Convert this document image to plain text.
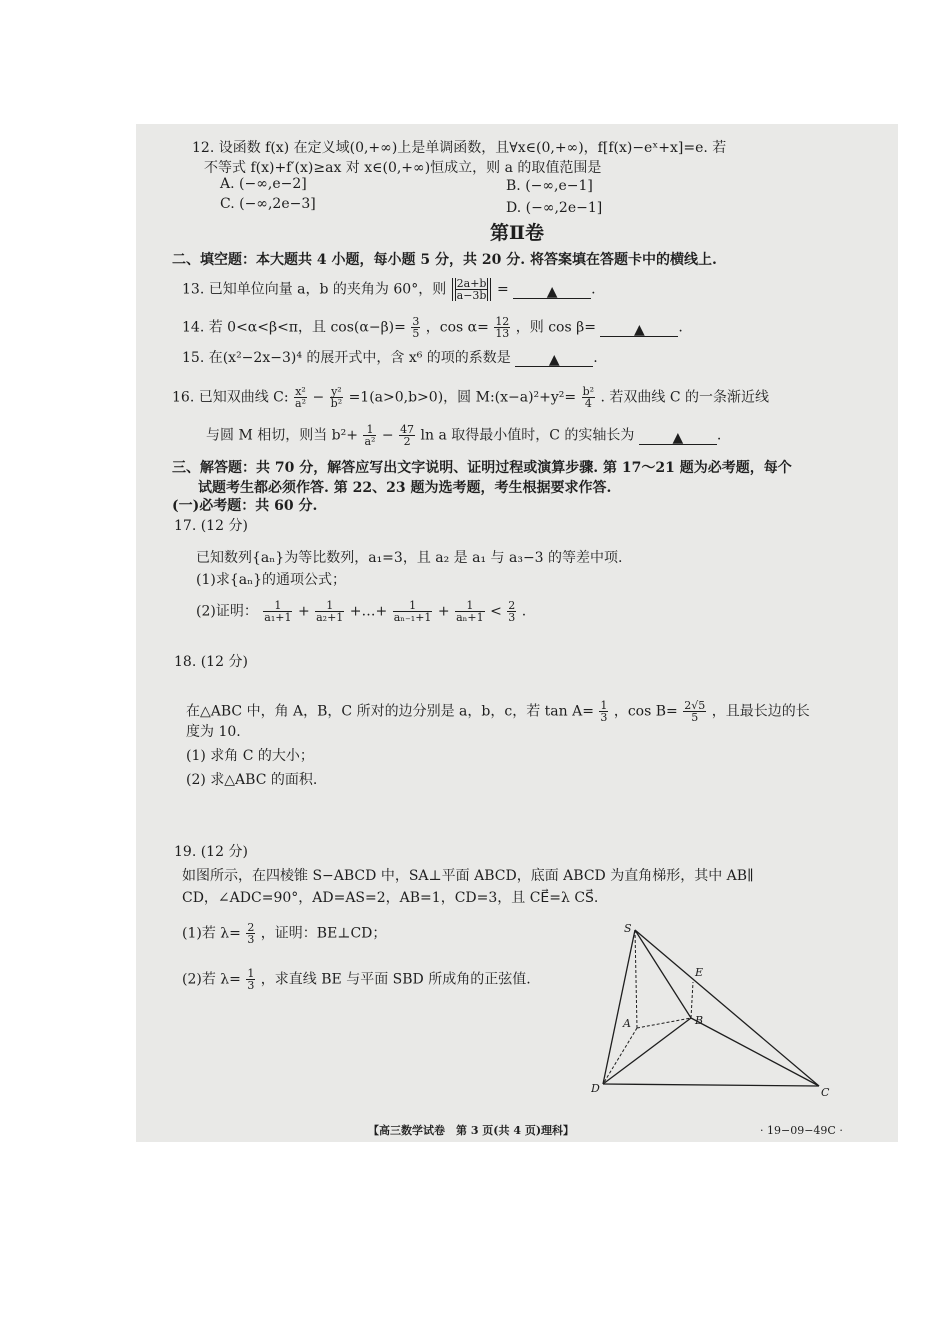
12. 设函数 f(x) 在定义域(0,+∞)上是单调函数，且∀x∈(0,+∞)，f[f(x)−eˣ+x]=e. 若
不等式 f(x)+f′(x)≥ax 对 x∈(0,+∞)恒成立，则 a 的取值范围是
A. (−∞,e−2]	B. (−∞,e−1]
C. (−∞,2e−3]	D. (−∞,2e−1]
第Ⅱ卷
二、填空题：本大题共 4 小题，每小题 5 分，共 20 分. 将答案填在答题卡中的横线上.
13. 已知单位向量 a，b 的夹角为 60°，则 $\frac{2a+b}{a-3b}$ =	▲ .
14. 若 0<α<β<π，且 $\cos(\alpha-\beta)= \frac{3}{5}$ ，$\cos \alpha= \frac{12}{13}$ ，则 cos β=	▲ .
15. 在(x²−2x−3)⁴ 的展开式中，含 x⁶ 的项的系数是	▲ .
16. 已知双曲线 C: $\frac{\text{x²}}{\text{a²}} - \frac{\text{y²}}{\text{b²}} =1(a>0,b>0)$，圆 M:(x−a)²+y²= $\frac{\text{b²}}{4}$ . 若双曲线 C 的一条渐近线
与圆 M 相切，则当 $b^2+ \frac{1}{\text{a²}} - \frac{47}{2}$ ln a 取得最小值时，C 的实轴长为	▲ .
三、解答题：共 70 分，解答应写出文字说明、证明过程或演算步骤. 第 17～21 题为必考题，每个
试题考生都必须作答. 第 22、23 题为选考题，考生根据要求作答.
(一)必考题：共 60 分.
17. (12 分)
已知数列{aₙ}为等比数列，a₁=3，且 a₂ 是 a₁ 与 a₃−3 的等差中项.
(1)求{aₙ}的通项公式；
(2)证明： $\frac{1}{\text{a₁+1}} + \frac{1}{\text{a₂+1}}$ +…+ $\frac{1}{\text{aₙ₋₁+1}} + \frac{1}{\text{aₙ+1}} < \frac{2}{3}$ .
18. (12 分)
在△ABC 中，角 A，B，C 所对的边分别是 a，b，c，若 $\tan A= \frac{1}{3}$ ，$\cos B= \frac{2√5}{5}$ ，且最长边的长
度为 10.
(1) 求角 C 的大小；
(2) 求△ABC 的面积.
19. (12 分)
如图所示，在四棱锥 S−ABCD 中，SA⊥平面 ABCD，底面 ABCD 为直角梯形，其中 AB∥
CD，∠ADC=90°，AD=AS=2，AB=1，CD=3，且 CE⃗=λ CS⃗.
(1)若 $\lambda= \frac{2}{3}$ ，证明：BE⊥CD；
(2)若 $\lambda= \frac{1}{3}$ ，求直线 BE 与平面 SBD 所成角的正弦值.
S
E
A	B
D	C
【高三数学试卷　第 3 页(共 4 页)理科】	· 19−09−49C ·
